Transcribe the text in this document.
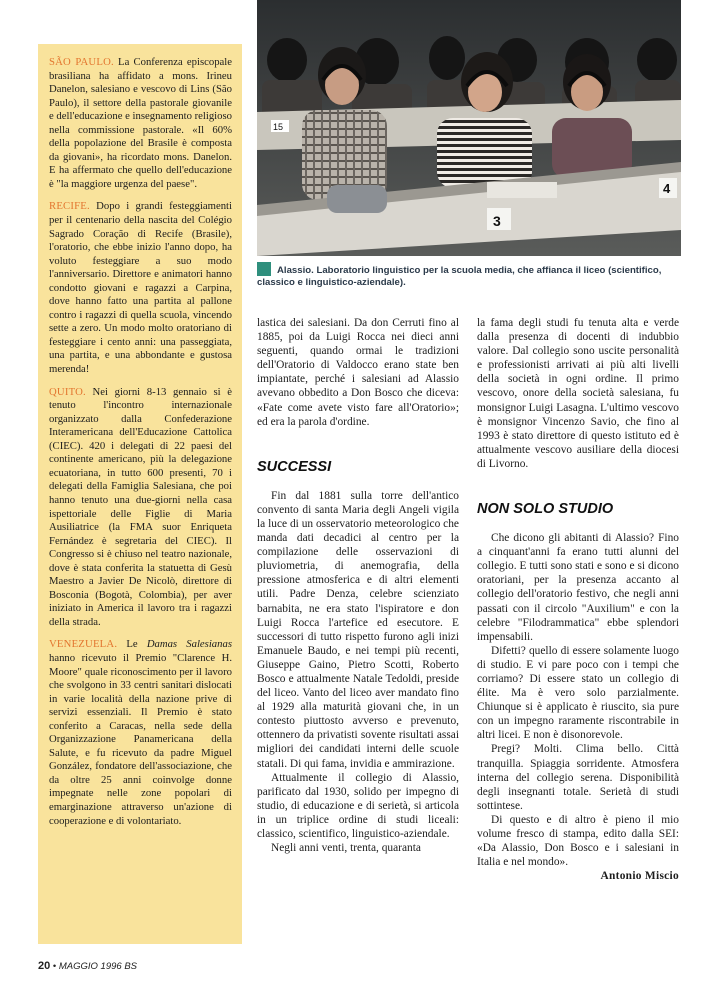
SÃO PAULO. La Conferenza episcopale brasiliana ha affidato a mons. Irineu Danelon, salesiano e vescovo di Lins (São Paulo), il settore della pastorale giovanile e dell'educazione e insegnamento religioso nella commissione pastorale. «Il 60% della popolazione del Brasile è composta da giovani», ha ricordato mons. Danelon. E ha affermato che quello dell'educazione è "la maggiore urgenza del paese".

RECIFE. Dopo i grandi festeggiamenti per il centenario della nascita del Colégio Sagrado Coração di Recife (Brasile), l'oratorio, che ebbe inizio l'anno dopo, ha voluto festeggiare a suo modo l'anniversario. Direttore e animatori hanno condotto giovani e ragazzi a Carpina, dove hanno fatto una partita al pallone contro i ragazzi di quella scuola, vincendo sette a zero. Un modo molto oratoriano di festeggiare i cento anni: una passeggiata, una partita, e una abbondante e gustosa merenda!

QUITO. Nei giorni 8-13 gennaio si è tenuto l'incontro internazionale organizzato dalla Confederazione Interamericana dell'Educazione Cattolica (CIEC). 420 i delegati di 22 paesi del continente americano, più la delegazione ecuatoriana, in tutto 600 presenti, 70 i delegati della Famiglia Salesiana, che poi hanno tenuto una due-giorni nella casa ispettoriale delle Figlie di Maria Ausiliatrice (la FMA suor Enriqueta Fernández è segretaria del CIEC). Il Congresso si è chiuso nel teatro nazionale, dove è stata conferita la statuetta di Gesù Maestro a Javier De Nicolò, direttore di Bosconia (Bogotà, Colombia), per aver iniziato in America il lavoro tra i ragazzi della strada.

VENEZUELA. Le Damas Salesianas hanno ricevuto il Premio "Clarence H. Moore" quale riconoscimento per il lavoro che svolgono in 33 centri sanitari dislocati in varie località della nazione prive di servizi essenziali. Il Premio è stato conferito a Caracas, nella sede della Organizzazione Panamericana della Salute, e fu ricevuto da padre Miguel González, fondatore dell'associazione, che da oltre 25 anni coinvolge donne impegnate nelle zone popolari di emarginazione attraverso un'azione di cooperazione e di volontariato.

15
3
4
Alassio. Laboratorio linguistico per la scuola media, che affianca il liceo (scientifico, classico e linguistico-aziendale).

lastica dei salesiani. Da don Cerruti fino al 1885, poi da Luigi Rocca nei dieci anni seguenti, quando ormai le tradizioni dell'Oratorio di Valdocco erano state ben impiantate, perché i salesiani ad Alassio avevano obbedito a Don Bosco che diceva: «Fate come avete visto fare all'Oratorio»; ed era la parola d'ordine.

SUCCESSI

Fin dal 1881 sulla torre dell'antico convento di santa Maria degli Angeli vigila la luce di un osservatorio meteorologico che manda dati decadici al centro per la compilazione delle osservazioni di pluviometria, di anemografia, della pressione atmosferica e di altri elementi utili. Padre Denza, celebre scienziato barnabita, ne era stato l'ispiratore e don Luigi Rocca l'artefice ed esecutore. E successori di tutto rispetto furono agli inizi Emanuele Baudo, e nei tempi più recenti, Giuseppe Gaino, Pietro Scotti, Roberto Bosco e attualmente Natale Tedoldi, preside del liceo. Vanto del liceo aver mandato fino al 1929 alla maturità giovani che, in un contesto piuttosto avverso e prevenuto, ottennero da privatisti sovente risultati assai migliori dei candidati interni delle scuole statali. Di qui fama, invidia e ammirazione.

Attualmente il collegio di Alassio, parificato dal 1930, solido per impegno di studio, di educazione e di serietà, si articola in un triplice ordine di studi liceali: classico, scientifico, linguistico-aziendale.

Negli anni venti, trenta, quaranta

la fama degli studi fu tenuta alta e verde dalla presenza di docenti di indubbio valore. Dal collegio sono uscite personalità e professionisti arrivati ai più alti livelli della società in ogni ordine. Il primo vescovo, onore della società salesiana, fu monsignor Luigi Lasagna. L'ultimo vescovo è monsignor Vincenzo Savio, che fino al 1993 è stato direttore di questo istituto ed è attualmente vescovo ausiliare della diocesi di Livorno.

NON SOLO STUDIO

Che dicono gli abitanti di Alassio? Fino a cinquant'anni fa erano tutti alunni del collegio. E tutti sono stati e sono e si dicono oratoriani, per la presenza accanto al collegio dell'oratorio festivo, che negli anni passati con il circolo "Auxilium" e con la celebre "Filodrammatica" ebbe splendori impensabili.

Difetti? quello di essere solamente luogo di studio. E vi pare poco con i tempi che corriamo? Di essere stato un collegio di élite. Ma è vero solo parzialmente. Chiunque si è applicato è riuscito, sia pure con un impegno raramente riscontrabile in altri licei. E non è disonorevole.

Pregi? Molti. Clima bello. Città tranquilla. Spiaggia sorridente. Atmosfera interna del collegio serena. Disponibilità degli insegnanti totale. Serietà di studi sottintese.

Di questo e di altro è pieno il mio volume fresco di stampa, edito dalla SEI: «Da Alassio, Don Bosco e i salesiani in Italia e nel mondo».

Antonio Miscio

20 • MAGGIO 1996 BS
